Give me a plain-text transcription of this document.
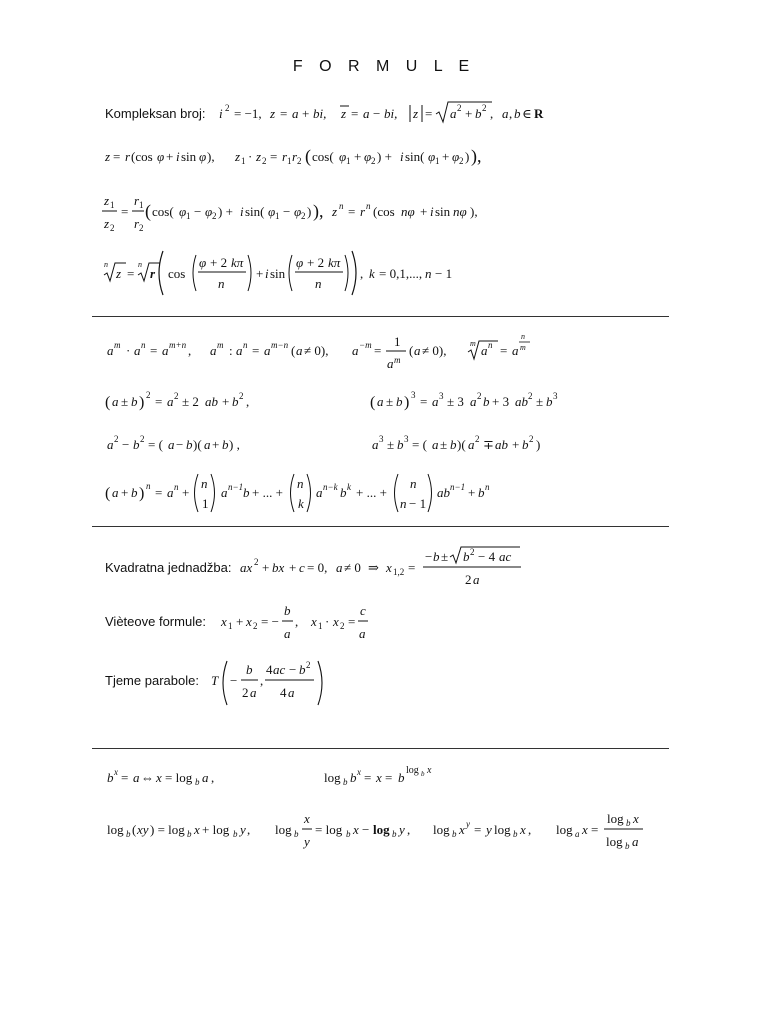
F O R M U L E
Kompleksan broj: i 2 = −1, z = a + bi, z = a − bi, z = a 2 + b 2 , a , b ∈ R
z = r (cos φ + i sin φ ), z 1 · z 2 = r 1 r 2 ( cos( φ 1 + φ 2 ) + i sin( φ 1 + φ 2 ) ),
z 1
z 2
=
r 1
r 2
( cos( φ 1 − φ 2 ) + i sin( φ 1 − φ 2 ) ), z n = r n (cos nφ + i sin nφ ),
n
z =
n
r cos
φ + 2 kπ
n
+ i sin
φ + 2 kπ
n
, k = 0,1,..., n − 1
a m · a n = a m+n , a m : a n = a m−n ( a ≠ 0), a −m =
1
a m
( a ≠ 0),	m a n = a
n
m
( a ± b ) 2 = a 2 ± 2 ab + b 2 ,	( a ± b ) 3 = a 3 ± 3 a 2 b + 3 ab 2 ± b 3
a 2 − b 2 = ( a − b )( a + b ) ,	a 3 ± b 3 = ( a ± b )( a 2 ∓ ab + b 2 )
( a + b ) n = a n +
n
1
a n−1 b + ... +
n
k
a n−k b k + ... +
n
n − 1
ab n−1 + b n
Kvadratna jednadžba: ax 2 + bx + c = 0, a ≠ 0 ⇒ x 1,2 =
− b ± b 2 − 4 ac
2 a
Vièteove formule: x 1 + x 2 = −
b
a
, x 1 · x 2 =
c
a
Tjeme parabole: T −
b
2 a
,
4 ac − b 2
4 a
b x = a ⇔ x = log b a ,	log b b x = x = b log b x
log b ( xy ) = log b x + log b y , log b
x
y
= log b x − log b y , log b x y = y log b x , log a x =
log b x
log b a
